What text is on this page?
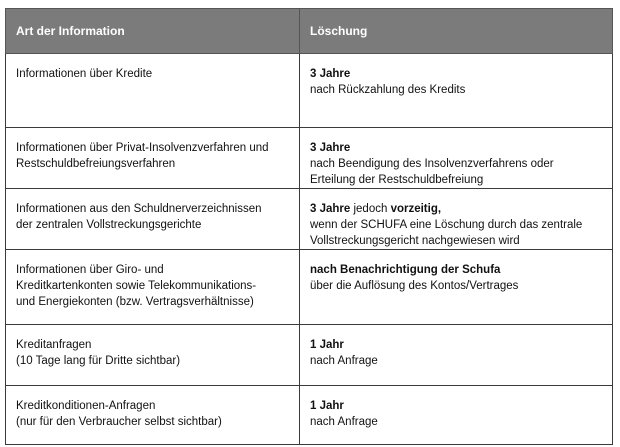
Art der Information	Löschung

Informationen über Kredite	3 Jahre
nach Rückzahlung des Kredits

Informationen über Privat-Insolvenzverfahren und
Restschuldbefreiungsverfahren	3 Jahre
nach Beendigung des Insolvenzverfahrens oder
Erteilung der Restschuldbefreiung

Informationen aus den Schuldnerverzeichnissen
der zentralen Vollstreckungsgerichte	3 Jahre jedoch vorzeitig,
wenn der SCHUFA eine Löschung durch das zentrale
Vollstreckungsgericht nachgewiesen wird

Informationen über Giro- und
Kreditkartenkonten sowie Telekommunikations-
und Energiekonten (bzw. Vertragsverhältnisse)	nach Benachrichtigung der Schufa
über die Auflösung des Kontos/Vertrages

Kreditanfragen
(10 Tage lang für Dritte sichtbar)	1 Jahr
nach Anfrage

Kreditkonditionen-Anfragen
(nur für den Verbraucher selbst sichtbar)	1 Jahr
nach Anfrage
